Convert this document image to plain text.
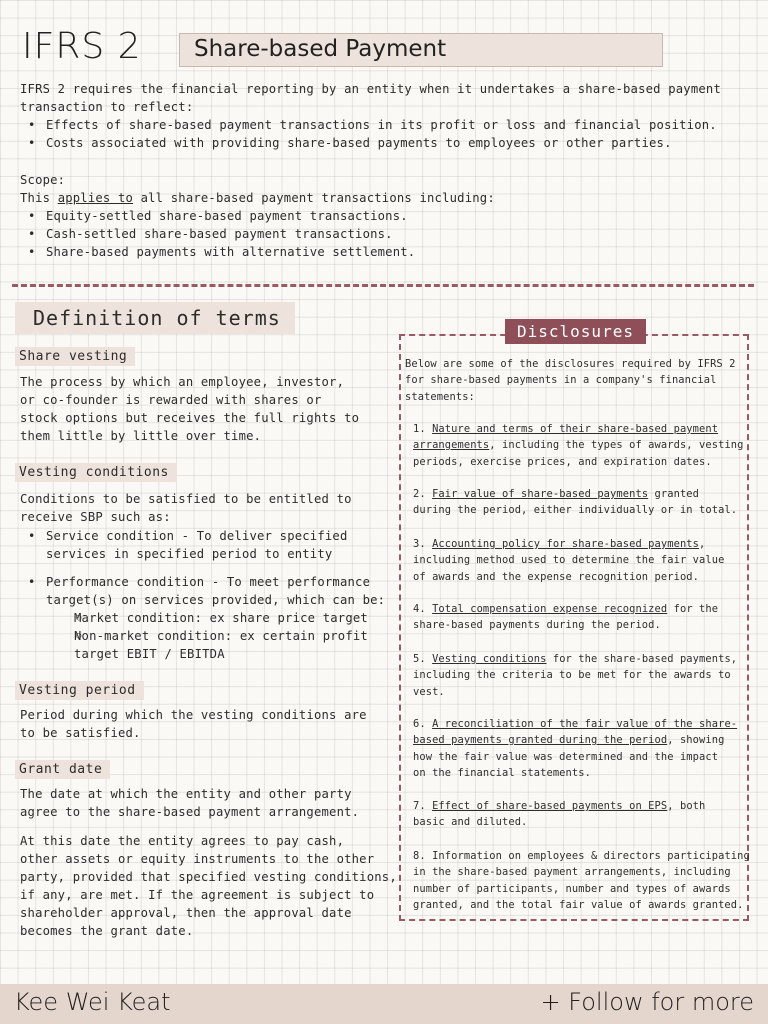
IFRS 2 Share-based Payment
IFRS 2 requires the financial reporting by an entity when it undertakes a share-based payment
transaction to reflect:
• Effects of share-based payment transactions in its profit or loss and financial position.
• Costs associated with providing share-based payments to employees or other parties.
Scope:
This applies to all share-based payment transactions including:
• Equity-settled share-based payment transactions.
• Cash-settled share-based payment transactions.
• Share-based payments with alternative settlement.
Definition of terms
Share vesting
The process by which an employee, investor,
or co-founder is rewarded with shares or
stock options but receives the full rights to
them little by little over time.
Vesting conditions
Conditions to be satisfied to be entitled to
receive SBP such as:
• Service condition - To deliver specified
services in specified period to entity
• Performance condition - To meet performance
target(s) on services provided, which can be:
○ Market condition: ex share price target
○ Non-market condition: ex certain profit
target EBIT / EBITDA
Vesting period
Period during which the vesting conditions are
to be satisfied.
Grant date
The date at which the entity and other party
agree to the share-based payment arrangement.
At this date the entity agrees to pay cash,
other assets or equity instruments to the other
party, provided that specified vesting conditions,
if any, are met. If the agreement is subject to
shareholder approval, then the approval date
becomes the grant date.
Disclosures
Below are some of the disclosures required by IFRS 2
for share-based payments in a company's financial
statements:
1. Nature and terms of their share-based payment
arrangements, including the types of awards, vesting
periods, exercise prices, and expiration dates.
2. Fair value of share-based payments granted
during the period, either individually or in total.
3. Accounting policy for share-based payments,
including method used to determine the fair value
of awards and the expense recognition period.
4. Total compensation expense recognized for the
share-based payments during the period.
5. Vesting conditions for the share-based payments,
including the criteria to be met for the awards to
vest.
6. A reconciliation of the fair value of the share-
based payments granted during the period, showing
how the fair value was determined and the impact
on the financial statements.
7. Effect of share-based payments on EPS, both
basic and diluted.
8. Information on employees & directors participating
in the share-based payment arrangements, including
number of participants, number and types of awards
granted, and the total fair value of awards granted.
Kee Wei Keat	+ Follow for more
